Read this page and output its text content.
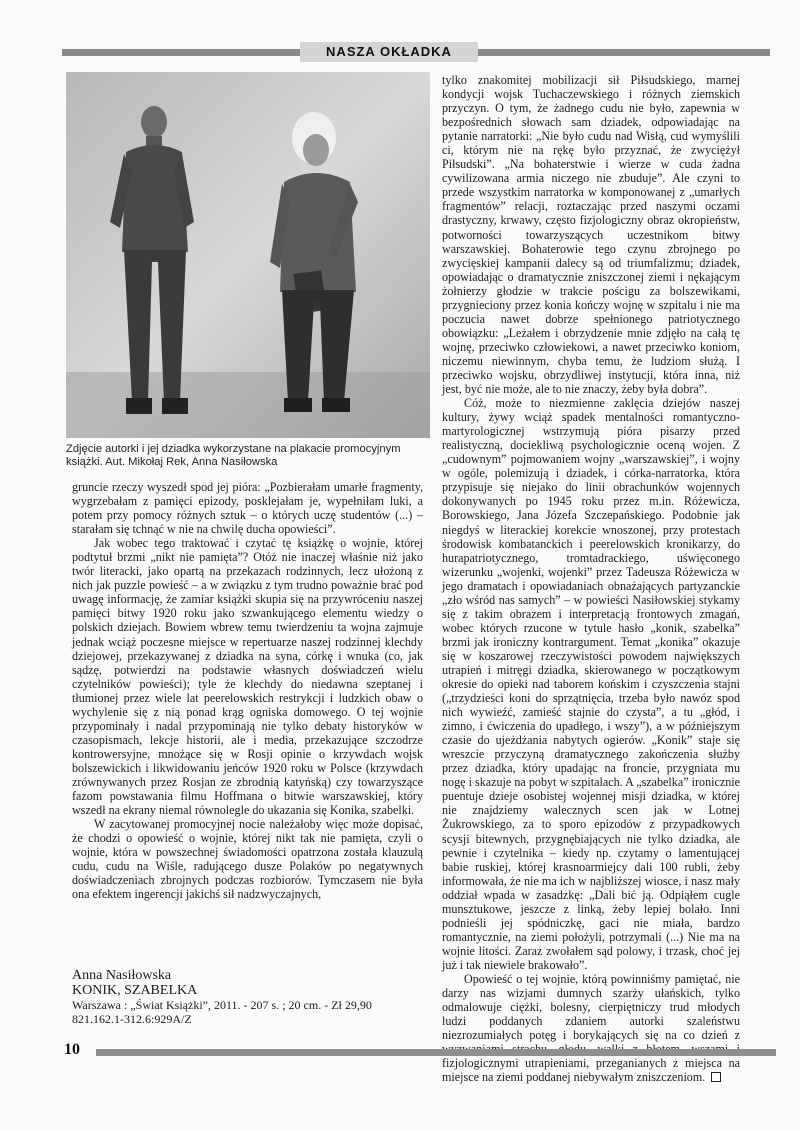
NASZA OKŁADKA
Zdjęcie autorki i jej dziadka wykorzystane na plakacie promocyjnym książki. Aut. Mikołaj Rek, Anna Nasiłowska

gruncie rzeczy wyszedł spod jej pióra: „Pozbierałam umarłe fragmenty, wygrzebałam z pamięci epizody, posklejałam je, wypełniłam luki, a potem przy pomocy różnych sztuk – o których uczę studentów (...) – starałam się tchnąć w nie na chwilę ducha opowieści”.

Jak wobec tego traktować i czytać tę książkę o wojnie, której podtytuł brzmi „nikt nie pamięta”? Otóż nie inaczej właśnie niż jako twór literacki, jako opartą na przekazach rodzinnych, lecz ułożoną z nich jak puzzle powieść – a w związku z tym trudno poważnie brać pod uwagę informację, że zamiar książki skupia się na przywróceniu naszej pamięci bitwy 1920 roku jako szwankującego elementu wiedzy o polskich dziejach. Bowiem wbrew temu twierdzeniu ta wojna zajmuje jednak wciąż poczesne miejsce w repertuarze naszej rodzinnej klechdy dziejowej, przekazywanej z dziadka na syna, córkę i wnuka (co, jak sądzę, potwierdzi na podstawie własnych doświadczeń wielu czytelników powieści); tyle że klechdy do niedawna szeptanej i tłumionej przez wiele lat peerelowskich restrykcji i ludzkich obaw o wychylenie się z nią ponad krąg ogniska domowego. O tej wojnie przypominały i nadal przypominają nie tylko debaty historyków w czasopismach, lekcje historii, ale i media, przekazujące szczodrze kontrowersyjne, mnożące się w Rosji opinie o krzywdach wojsk bolszewickich i likwidowaniu jeńców 1920 roku w Polsce (krzywdach zrównywanych przez Rosjan ze zbrodnią katyńską) czy towarzyszące fazom powstawania filmu Hoffmana o bitwie warszawskiej, który wszedł na ekrany niemal równolegle do ukazania się Konika, szabelki.

W zacytowanej promocyjnej nocie należałoby więc może dopisać, że chodzi o opowieść o wojnie, której nikt tak nie pamięta, czyli o wojnie, która w powszechnej świadomości opatrzona została klauzulą cudu, cudu na Wiśle, radującego dusze Polaków po negatywnych doświadczeniach zbrojnych podczas rozbiorów. Tymczasem nie była ona efektem ingerencji jakichś sił nadzwyczajnych,

tylko znakomitej mobilizacji sił Piłsudskiego, marnej kondycji wojsk Tuchaczewskiego i różnych ziemskich przyczyn. O tym, że żadnego cudu nie było, zapewnia w bezpośrednich słowach sam dziadek, odpowiadając na pytanie narratorki: „Nie było cudu nad Wisłą, cud wymyślili ci, którym nie na rękę było przyznać, że zwyciężył Piłsudski”. „Na bohaterstwie i wierze w cuda żadna cywilizowana armia niczego nie zbuduje”. Ale czyni to przede wszystkim narratorka w komponowanej z „umarłych fragmentów” relacji, roztaczając przed naszymi oczami drastyczny, krwawy, często fizjologiczny obraz okropieństw, potworności towarzyszących uczestnikom bitwy warszawskiej. Bohaterowie tego czynu zbrojnego po zwycięskiej kampanii dalecy są od triumfalizmu; dziadek, opowiadając o dramatycznie zniszczonej ziemi i nękającym żołnierzy głodzie w trakcie pościgu za bolszewikami, przygnieciony przez konia kończy wojnę w szpitalu i nie ma poczucia nawet dobrze spełnionego patriotycznego obowiązku: „Leżałem i obrzydzenie mnie zdjęło na całą tę wojnę, przeciwko człowiekowi, a nawet przeciwko koniom, niczemu niewinnym, chyba temu, że ludziom służą. I przeciwko wojsku, obrzydliwej instytucji, która inna, niż jest, być nie może, ale to nie znaczy, żeby była dobra”.

Cóż, może to niezmienne zaklęcia dziejów naszej kultury, żywy wciąż spadek mentalności romantyczno-martyrologicznej wstrzymują pióra pisarzy przed realistyczną, dociekliwą psychologicznie oceną wojen. Z „cudownym” pojmowaniem wojny „warszawskiej”, i wojny w ogóle, polemizują i dziadek, i córka-narratorka, która przypisuje się niejako do linii obrachunków wojennych dokonywanych po 1945 roku przez m.in. Różewicza, Borowskiego, Jana Józefa Szczepańskiego. Podobnie jak niegdyś w literackiej korekcie wnoszonej, przy protestach środowisk kombatanckich i peerelowskich kronikarzy, do hurapatriotycznego, tromtadrackiego, uświęconego wizerunku „wojenki, wojenki” przez Tadeusza Różewicza w jego dramatach i opowiadaniach obnażających partyzanckie „zło wśród nas samych” – w powieści Nasiłowskiej stykamy się z takim obrazem i interpretacją frontowych zmagań, wobec których rzucone w tytule hasło „konik, szabelka” brzmi jak ironiczny kontrargument. Temat „konika” okazuje się w koszarowej rzeczywistości powodem największych utrapień i mitręgi dziadka, skierowanego w początkowym okresie do opieki nad taborem końskim i czyszczenia stajni („trzydzieści koni do sprzątnięcia, trzeba było nawóz spod nich wywieźć, zamieść stajnie do czysta”, a tu „głód, i zimno, i ćwiczenia do upadłego, i wszy”), a w późniejszym czasie do ujeżdżania nabytych ogierów. „Konik” staje się wreszcie przyczyną dramatycznego zakończenia służby przez dziadka, który upadając na froncie, przygniata mu nogę i skazuje na pobyt w szpitalach. A „szabelka” ironicznie puentuje dzieje osobistej wojennej misji dziadka, w której nie znajdziemy walecznych scen jak w Lotnej Żukrowskiego, za to sporo epizodów z przypadkowych scysji bitewnych, przygnębiających nie tylko dziadka, ale pewnie i czytelnika – kiedy np. czytamy o lamentującej babie ruskiej, której krasnoarmiejcy dali 100 rubli, żeby informowała, że nie ma ich w najbliższej wiosce, i nasz mały oddział wpada w zasadzkę: „Dali bić ją. Odpiąłem cugle munsztukowe, jeszcze z linką, żeby lepiej bolało. Inni podnieśli jej spódniczkę, gaci nie miała, bardzo romantycznie, na ziemi położyli, potrzymali (...) Nie ma na wojnie litości. Zaraz zwołałem sąd polowy, i trzask, choć jej już i tak niewiele brakowało”.

Opowieść o tej wojnie, którą powinniśmy pamiętać, nie darzy nas wizjami dumnych szarży ułańskich, tylko odmalowuje ciężki, bolesny, cierpiętniczy trud młodych ludzi poddanych zdaniem autorki szaleństwu niezrozumiałych potęg i borykających się na co dzień z fizjologicznymi utrapieniami, przeganianych z miejsca na miejsce na ziemi poddanej niebywałym zniszczeniom.

Anna Nasiłowska

KONIK, SZABELKA

Warszawa : „Świat Książki”, 2011. - 207 s. ; 20 cm. - Zł 29,90

821.162.1-312.6:929A/Z

10
